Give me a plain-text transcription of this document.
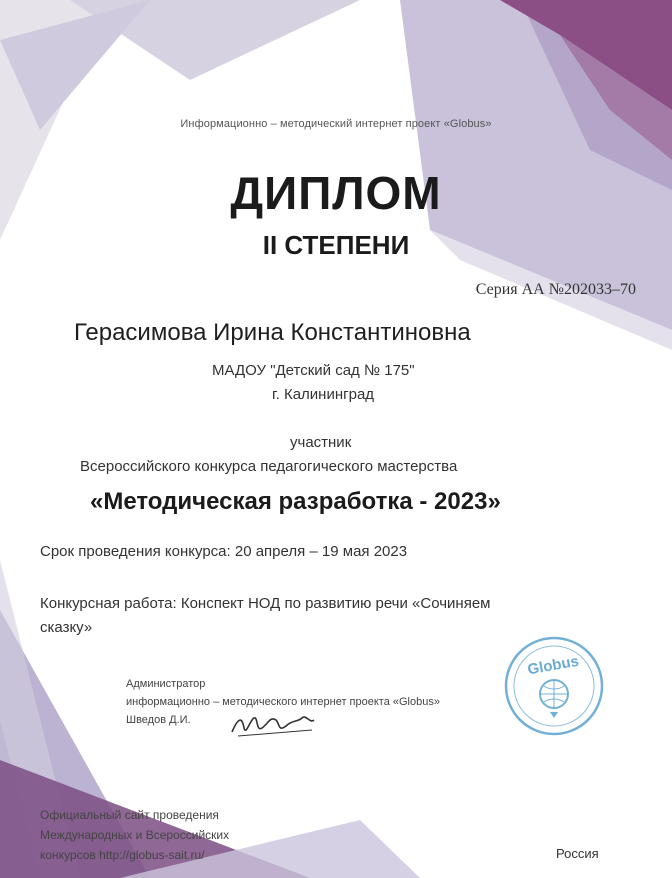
Информационно – методический интернет проект «Globus»
ДИПЛОМ
II СТЕПЕНИ
Серия АА №202033–70
Герасимова Ирина Константиновна
МАДОУ "Детский сад № 175"
г. Калининград
участник
Всероссийского конкурса педагогического мастерства
«Методическая разработка - 2023»
Срок проведения конкурса: 20 апреля – 19 мая 2023
Конкурсная работа: Конспект НОД по развитию речи «Сочиняем
сказку»
Администратор
информационно – методического интернет проекта «Globus»
Шведов Д.И.
Globus
Официальный сайт проведения
Международных и Всероссийских
конкурсов http://globus-sait.ru/	Россия
